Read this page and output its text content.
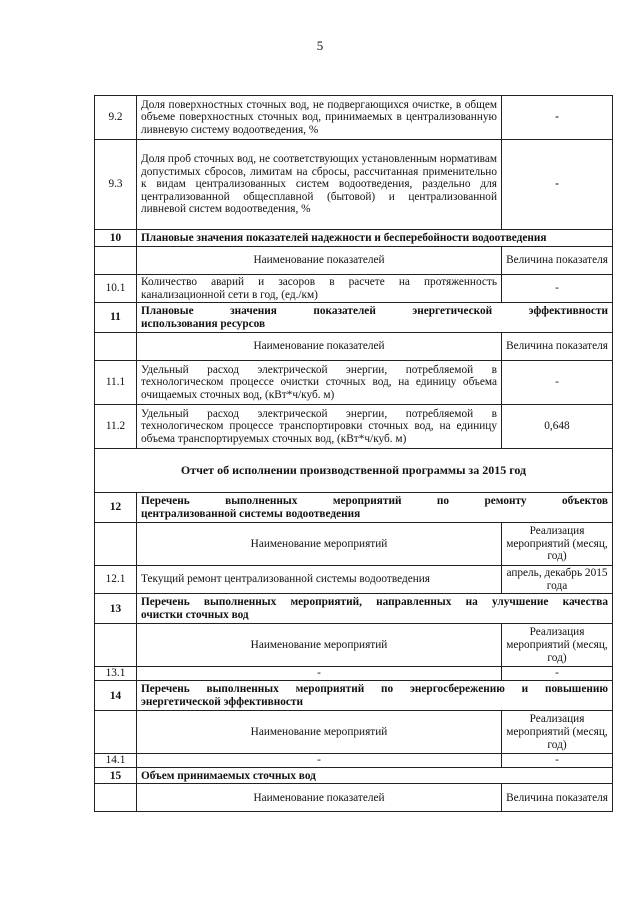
5
9.2	Доля поверхностных сточных вод, не подвергающихся очистке, в общем объеме поверхностных сточных вод, принимаемых в централизованную ливневую систему водоотведения, %	-
9.3	Доля проб сточных вод, не соответствующих установленным нормативам допустимых сбросов, лимитам на сбросы, рассчитанная применительно к видам централизованных систем водоотведения, раздельно для централизованной общесплавной (бытовой) и централизованной ливневой систем водоотведения, %	-
10	Плановые значения показателей надежности и бесперебойности водоотведения	
	Наименование показателей	Величина показателя
10.1	Количество аварий и засоров в расчете на протяженность канализационной сети в год, (ед./км)	-
11	Плановые значения показателей энергетической эффективности
использования ресурсов	

	Наименование показателей	Величина показателя
11.1	Удельный расход электрической энергии, потребляемой в технологическом процессе очистки сточных вод, на единицу объема очищаемых сточных вод, (кВт*ч/куб. м)	-
11.2	Удельный расход электрической энергии, потребляемой в технологическом процессе транспортировки сточных вод, на единицу объема транспортируемых сточных вод, (кВт*ч/куб. м)	0,648
Отчет об исполнении производственной программы за 2015 год		
12	Перечень выполненных мероприятий по ремонту объектов
централизованной системы водоотведения	

	Наименование мероприятий	Реализация мероприятий (месяц, год)
12.1	Текущий ремонт централизованной системы водоотведения	апрель, декабрь 2015 года
13	Перечень выполненных мероприятий, направленных на улучшение качества
очистки сточных вод	

	Наименование мероприятий	Реализация мероприятий (месяц, год)
13.1	-	-
14	Перечень выполненных мероприятий по энергосбережению и повышению
энергетической эффективности	

	Наименование мероприятий	Реализация мероприятий (месяц, год)
14.1	-	-
15	Объем принимаемых сточных вод	
	Наименование показателей	Величина показателя
